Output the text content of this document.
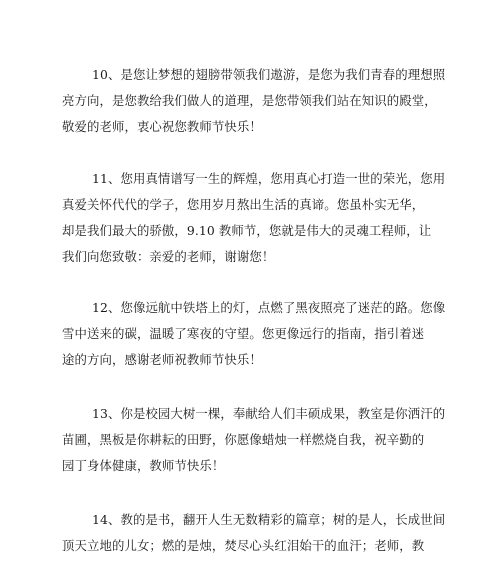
10、是您让梦想的翅膀带领我们遨游，是您为我们青春的理想照
亮方向，是您教给我们做人的道理，是您带领我们站在知识的殿堂，
敬爱的老师，衷心祝您教师节快乐！

11、您用真情谱写一生的辉煌，您用真心打造一世的荣光，您用
真爱关怀代代的学子，您用岁月熬出生活的真谛。您虽朴实无华，
却是我们最大的骄傲，9.10 教师节，您就是伟大的灵魂工程师，让
我们向您致敬：亲爱的老师，谢谢您！

12、您像远航中铁塔上的灯，点燃了黑夜照亮了迷茫的路。您像
雪中送来的碳，温暖了寒夜的守望。您更像远行的指南，指引着迷
途的方向，感谢老师祝教师节快乐！

13、你是校园大树一棵，奉献给人们丰硕成果，教室是你洒汗的
苗圃，黑板是你耕耘的田野，你愿像蜡烛一样燃烧自我，祝辛勤的
园丁身体健康，教师节快乐！

14、教的是书，翻开人生无数精彩的篇章；树的是人，长成世间
顶天立地的儿女；燃的是烛，焚尽心头红泪始干的血汗；老师，教
